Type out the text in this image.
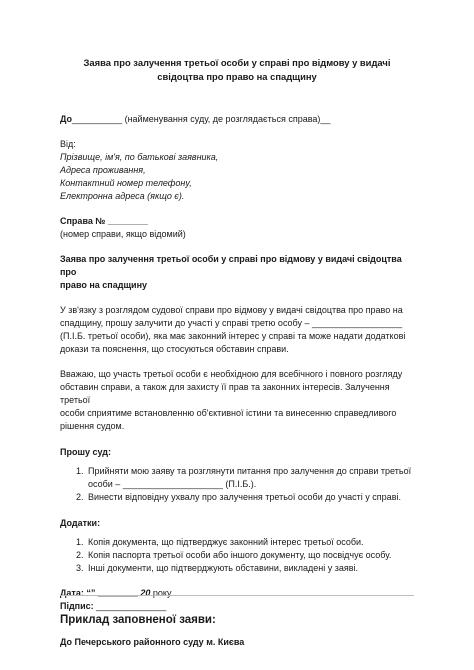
Заява про залучення третьої особи у справі про відмову у видачі
свідоцтва про право на спадщину
До__________ (найменування суду, де розглядається справа)__
Від:
Прізвище, ім'я, по батькові заявника,
Адреса проживання,
Контактний номер телефону,
Електронна адреса (якщо є).
Справа № ________
(номер справи, якщо відомий)
Заява про залучення третьої особи у справі про відмову у видачі свідоцтва про
право на спадщину
У зв'язку з розглядом судової справи про відмову у видачі свідоцтва про право на
спадщину, прошу залучити до участі у справі третю особу – __________________
(П.І.Б. третьої особи), яка має законний інтерес у справі та може надати додаткові
докази та пояснення, що стосуються обставин справи.
Вважаю, що участь третьої особи є необхідною для всебічного і повного розгляду
обставин справи, а також для захисту її прав та законних інтересів. Залучення третьої
особи сприятиме встановленню об'єктивної істини та винесенню справедливого
рішення судом.
Прошу суд:
1. Прийняти мою заяву та розглянути питання про залучення до справи третьої
особи – ____________________ (П.І.Б.).
2. Винести відповідну ухвалу про залучення третьої особи до участі у справі.
Додатки:
1. Копія документа, що підтверджує законний інтерес третьої особи.
2. Копія паспорта третьої особи або іншого документу, що посвідчує особу.
3. Інші документи, що підтверджують обставини, викладені у заяві.
Дата: “” ________ 20 року
Підпис: ______________
Приклад заповненої заяви:
До Печерського районного суду м. Києва
